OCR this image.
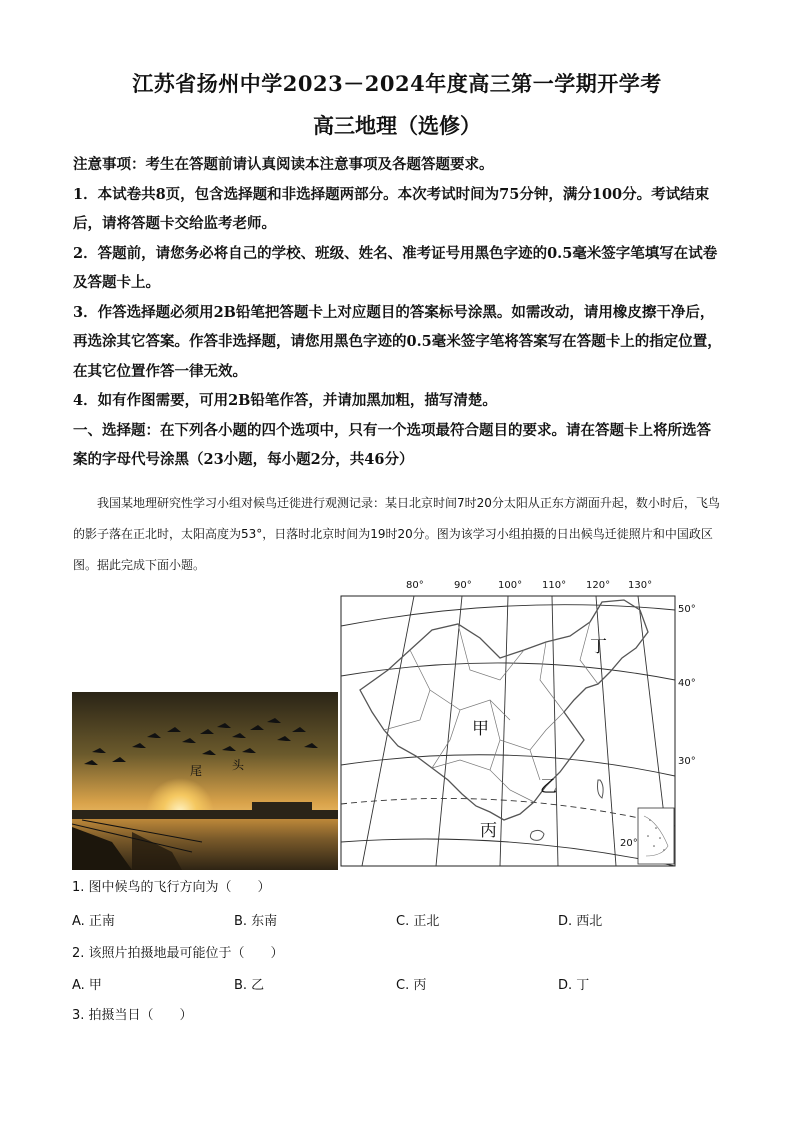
江苏省扬州中学2023－2024年度高三第一学期开学考
高三地理（选修）

注意事项：考生在答题前请认真阅读本注意事项及各题答题要求。

1．本试卷共8页，包含选择题和非选择题两部分。本次考试时间为75分钟，满分100分。考试结束后，请将答题卡交给监考老师。

2．答题前，请您务必将自己的学校、班级、姓名、准考证号用黑色字迹的0.5毫米签字笔填写在试卷及答题卡上。

3．作答选择题必须用2B铅笔把答题卡上对应题目的答案标号涂黑。如需改动，请用橡皮擦干净后，再选涂其它答案。作答非选择题，请您用黑色字迹的0.5毫米签字笔将答案写在答题卡上的指定位置，在其它位置作答一律无效。

4．如有作图需要，可用2B铅笔作答，并请加黑加粗，描写清楚。

一、选择题：在下列各小题的四个选项中，只有一个选项最符合题目的要求。请在答题卡上将所选答案的字母代号涂黑（23小题，每小题2分，共46分）

我国某地理研究性学习小组对候鸟迁徙进行观测记录：某日北京时间7时20分太阳从正东方湖面升起，数小时后，飞鸟的影子落在正北时，太阳高度为53°，日落时北京时间为19时20分。图为该学习小组拍摄的日出候鸟迁徙照片和中国政区图。据此完成下面小题。
尾 头
80°	90°	100° 110° 120° 130°
50°
40°
30°
20°
甲
乙
丙
丁
1. 图中候鸟的飞行方向为（　　）
A. 正南	B. 东南	C. 正北	D. 西北
2. 该照片拍摄地最可能位于（　　）
A. 甲	B. 乙	C. 丙	D. 丁
3. 拍摄当日（　　）
